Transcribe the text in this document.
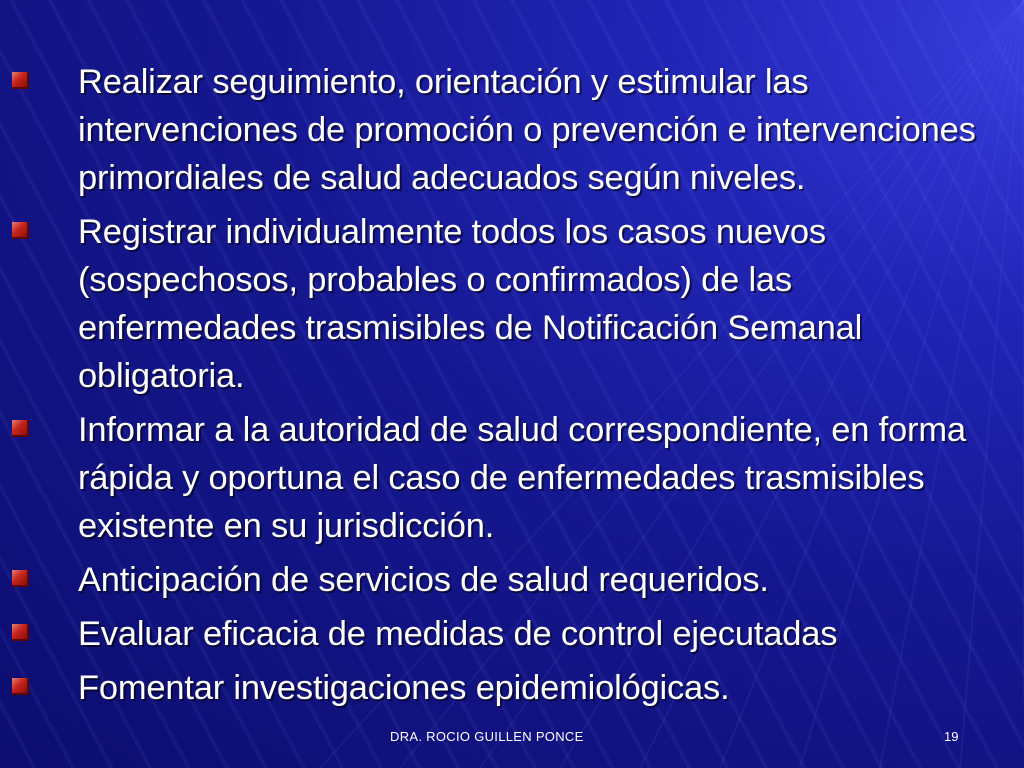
Realizar seguimiento, orientación y estimular las intervenciones de promoción o prevención e intervenciones primordiales de salud adecuados según niveles.
Registrar individualmente todos los casos nuevos (sospechosos, probables o confirmados) de las enfermedades trasmisibles de Notificación Semanal obligatoria.
Informar a la autoridad de salud correspondiente, en forma rápida y oportuna el caso de enfermedades trasmisibles existente en su jurisdicción.
Anticipación de servicios de salud requeridos.
Evaluar eficacia de medidas de control ejecutadas
Fomentar investigaciones epidemiológicas.
DRA. ROCIO GUILLEN PONCE	19
